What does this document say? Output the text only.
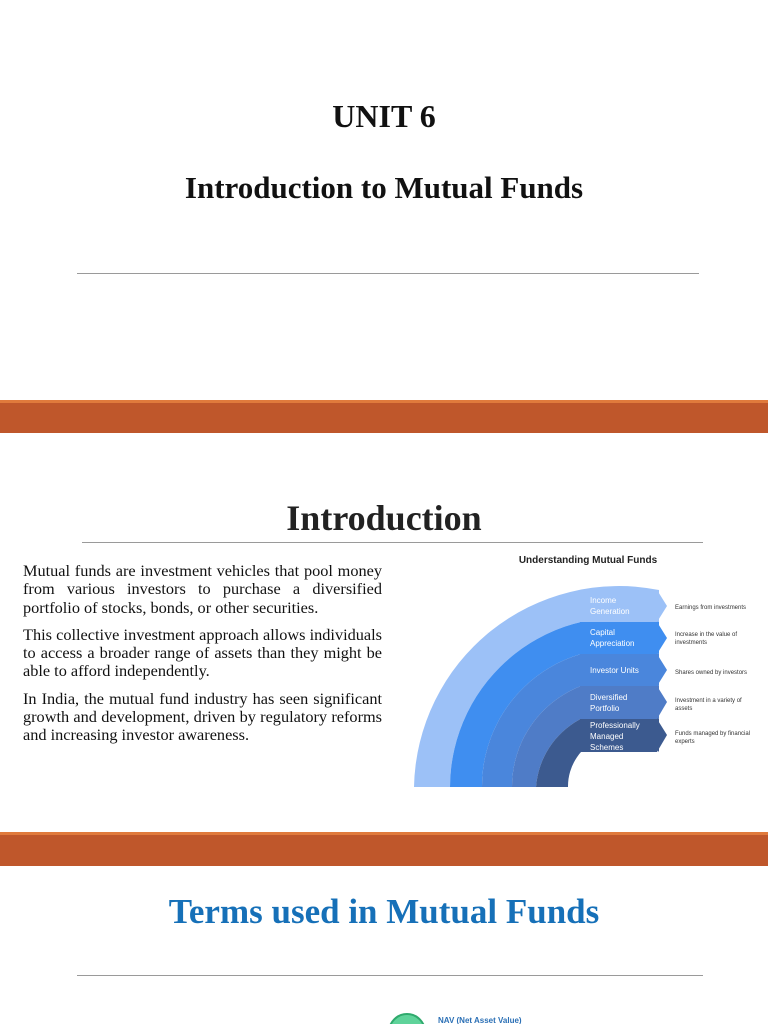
UNIT 6
Introduction to Mutual Funds
Introduction

Mutual funds are investment vehicles that pool money from various investors to purchase a diversified portfolio of stocks, bonds, or other securities.

This collective investment approach allows individuals to access a broader range of assets than they might be able to afford independently.

In India, the mutual fund industry has seen significant growth and development, driven by regulatory reforms and increasing investor awareness.

Understanding Mutual Funds
Income
Generation
Capital
Appreciation
Investor Units
Diversified
Portfolio
Professionally
Managed
Schemes
Earnings from investments
Increase in the value of
investments
Shares owned by investors
Investment in a variety of
assets
Funds managed by financial
experts
Terms used in Mutual Funds
NAV (Net Asset Value)
